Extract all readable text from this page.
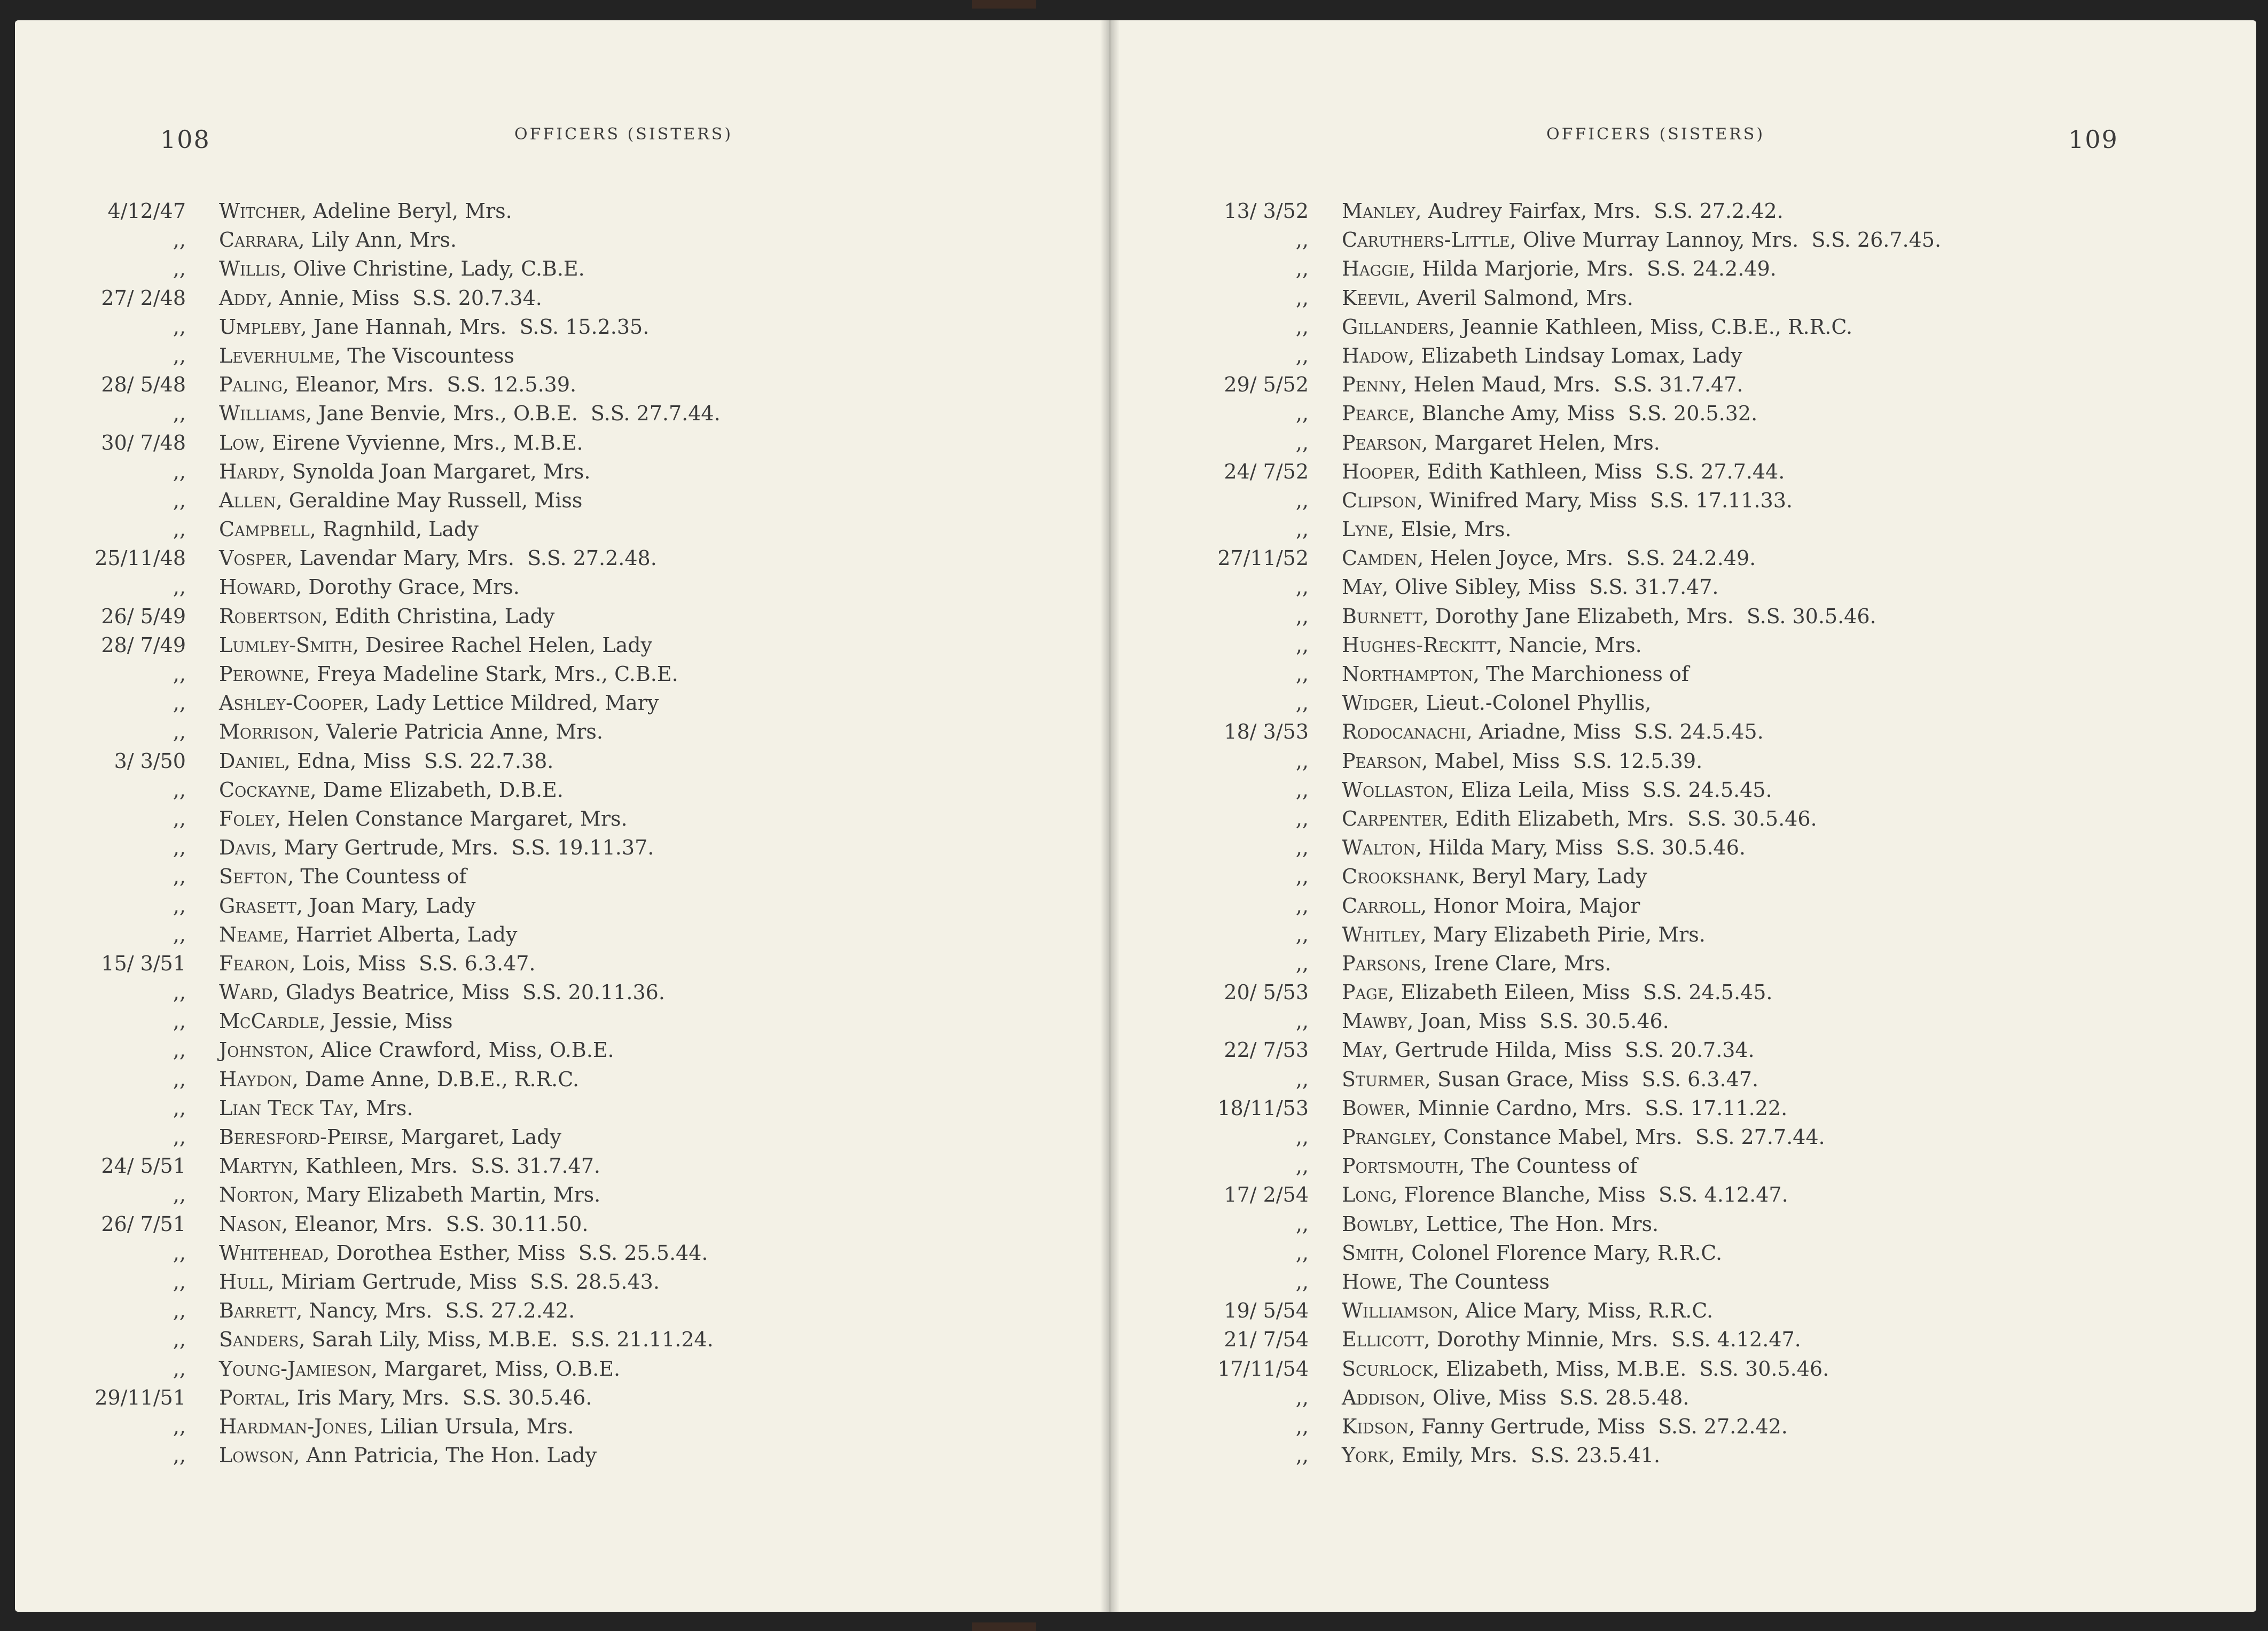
108	OFFICERS (SISTERS)
4/12/47 Witcher, Adeline Beryl, Mrs.
,, Carrara, Lily Ann, Mrs.
,, Willis, Olive Christine, Lady, C.B.E.
27/ 2/48 Addy, Annie, Miss  S.S. 20.7.34.
,, Umpleby, Jane Hannah, Mrs.  S.S. 15.2.35.
,, Leverhulme, The Viscountess
28/ 5/48 Paling, Eleanor, Mrs.  S.S. 12.5.39.
,, Williams, Jane Benvie, Mrs., O.B.E.  S.S. 27.7.44.
30/ 7/48 Low, Eirene Vyvienne, Mrs., M.B.E.
,, Hardy, Synolda Joan Margaret, Mrs.
,, Allen, Geraldine May Russell, Miss
,, Campbell, Ragnhild, Lady
25/11/48 Vosper, Lavendar Mary, Mrs.  S.S. 27.2.48.
,, Howard, Dorothy Grace, Mrs.
26/ 5/49 Robertson, Edith Christina, Lady
28/ 7/49 Lumley-Smith, Desiree Rachel Helen, Lady
,, Perowne, Freya Madeline Stark, Mrs., C.B.E.
,, Ashley-Cooper, Lady Lettice Mildred, Mary
,, Morrison, Valerie Patricia Anne, Mrs.
3/ 3/50 Daniel, Edna, Miss  S.S. 22.7.38.
,, Cockayne, Dame Elizabeth, D.B.E.
,, Foley, Helen Constance Margaret, Mrs.
,, Davis, Mary Gertrude, Mrs.  S.S. 19.11.37.
,, Sefton, The Countess of
,, Grasett, Joan Mary, Lady
,, Neame, Harriet Alberta, Lady
15/ 3/51 Fearon, Lois, Miss  S.S. 6.3.47.
,, Ward, Gladys Beatrice, Miss  S.S. 20.11.36.
,, McCardle, Jessie, Miss
,, Johnston, Alice Crawford, Miss, O.B.E.
,, Haydon, Dame Anne, D.B.E., R.R.C.
,, Lian Teck Tay, Mrs.
,, Beresford-Peirse, Margaret, Lady
24/ 5/51 Martyn, Kathleen, Mrs.  S.S. 31.7.47.
,, Norton, Mary Elizabeth Martin, Mrs.
26/ 7/51 Nason, Eleanor, Mrs.  S.S. 30.11.50.
,, Whitehead, Dorothea Esther, Miss  S.S. 25.5.44.
,, Hull, Miriam Gertrude, Miss  S.S. 28.5.43.
,, Barrett, Nancy, Mrs.  S.S. 27.2.42.
,, Sanders, Sarah Lily, Miss, M.B.E.  S.S. 21.11.24.
,, Young-Jamieson, Margaret, Miss, O.B.E.
29/11/51 Portal, Iris Mary, Mrs.  S.S. 30.5.46.
,, Hardman-Jones, Lilian Ursula, Mrs.
,, Lowson, Ann Patricia, The Hon. Lady
OFFICERS (SISTERS)	109
13/ 3/52 Manley, Audrey Fairfax, Mrs.  S.S. 27.2.42.
,, Caruthers-Little, Olive Murray Lannoy, Mrs.  S.S. 26.7.45.
,, Haggie, Hilda Marjorie, Mrs.  S.S. 24.2.49.
,, Keevil, Averil Salmond, Mrs.
,, Gillanders, Jeannie Kathleen, Miss, C.B.E., R.R.C.
,, Hadow, Elizabeth Lindsay Lomax, Lady
29/ 5/52 Penny, Helen Maud, Mrs.  S.S. 31.7.47.
,, Pearce, Blanche Amy, Miss  S.S. 20.5.32.
,, Pearson, Margaret Helen, Mrs.
24/ 7/52 Hooper, Edith Kathleen, Miss  S.S. 27.7.44.
,, Clipson, Winifred Mary, Miss  S.S. 17.11.33.
,, Lyne, Elsie, Mrs.
27/11/52 Camden, Helen Joyce, Mrs.  S.S. 24.2.49.
,, May, Olive Sibley, Miss  S.S. 31.7.47.
,, Burnett, Dorothy Jane Elizabeth, Mrs.  S.S. 30.5.46.
,, Hughes-Reckitt, Nancie, Mrs.
,, Northampton, The Marchioness of
,, Widger, Lieut.-Colonel Phyllis,
18/ 3/53 Rodocanachi, Ariadne, Miss  S.S. 24.5.45.
,, Pearson, Mabel, Miss  S.S. 12.5.39.
,, Wollaston, Eliza Leila, Miss  S.S. 24.5.45.
,, Carpenter, Edith Elizabeth, Mrs.  S.S. 30.5.46.
,, Walton, Hilda Mary, Miss  S.S. 30.5.46.
,, Crookshank, Beryl Mary, Lady
,, Carroll, Honor Moira, Major
,, Whitley, Mary Elizabeth Pirie, Mrs.
,, Parsons, Irene Clare, Mrs.
20/ 5/53 Page, Elizabeth Eileen, Miss  S.S. 24.5.45.
,, Mawby, Joan, Miss  S.S. 30.5.46.
22/ 7/53 May, Gertrude Hilda, Miss  S.S. 20.7.34.
,, Sturmer, Susan Grace, Miss  S.S. 6.3.47.
18/11/53 Bower, Minnie Cardno, Mrs.  S.S. 17.11.22.
,, Prangley, Constance Mabel, Mrs.  S.S. 27.7.44.
,, Portsmouth, The Countess of
17/ 2/54 Long, Florence Blanche, Miss  S.S. 4.12.47.
,, Bowlby, Lettice, The Hon. Mrs.
,, Smith, Colonel Florence Mary, R.R.C.
,, Howe, The Countess
19/ 5/54 Williamson, Alice Mary, Miss, R.R.C.
21/ 7/54 Ellicott, Dorothy Minnie, Mrs.  S.S. 4.12.47.
17/11/54 Scurlock, Elizabeth, Miss, M.B.E.  S.S. 30.5.46.
,, Addison, Olive, Miss  S.S. 28.5.48.
,, Kidson, Fanny Gertrude, Miss  S.S. 27.2.42.
,, York, Emily, Mrs.  S.S. 23.5.41.
